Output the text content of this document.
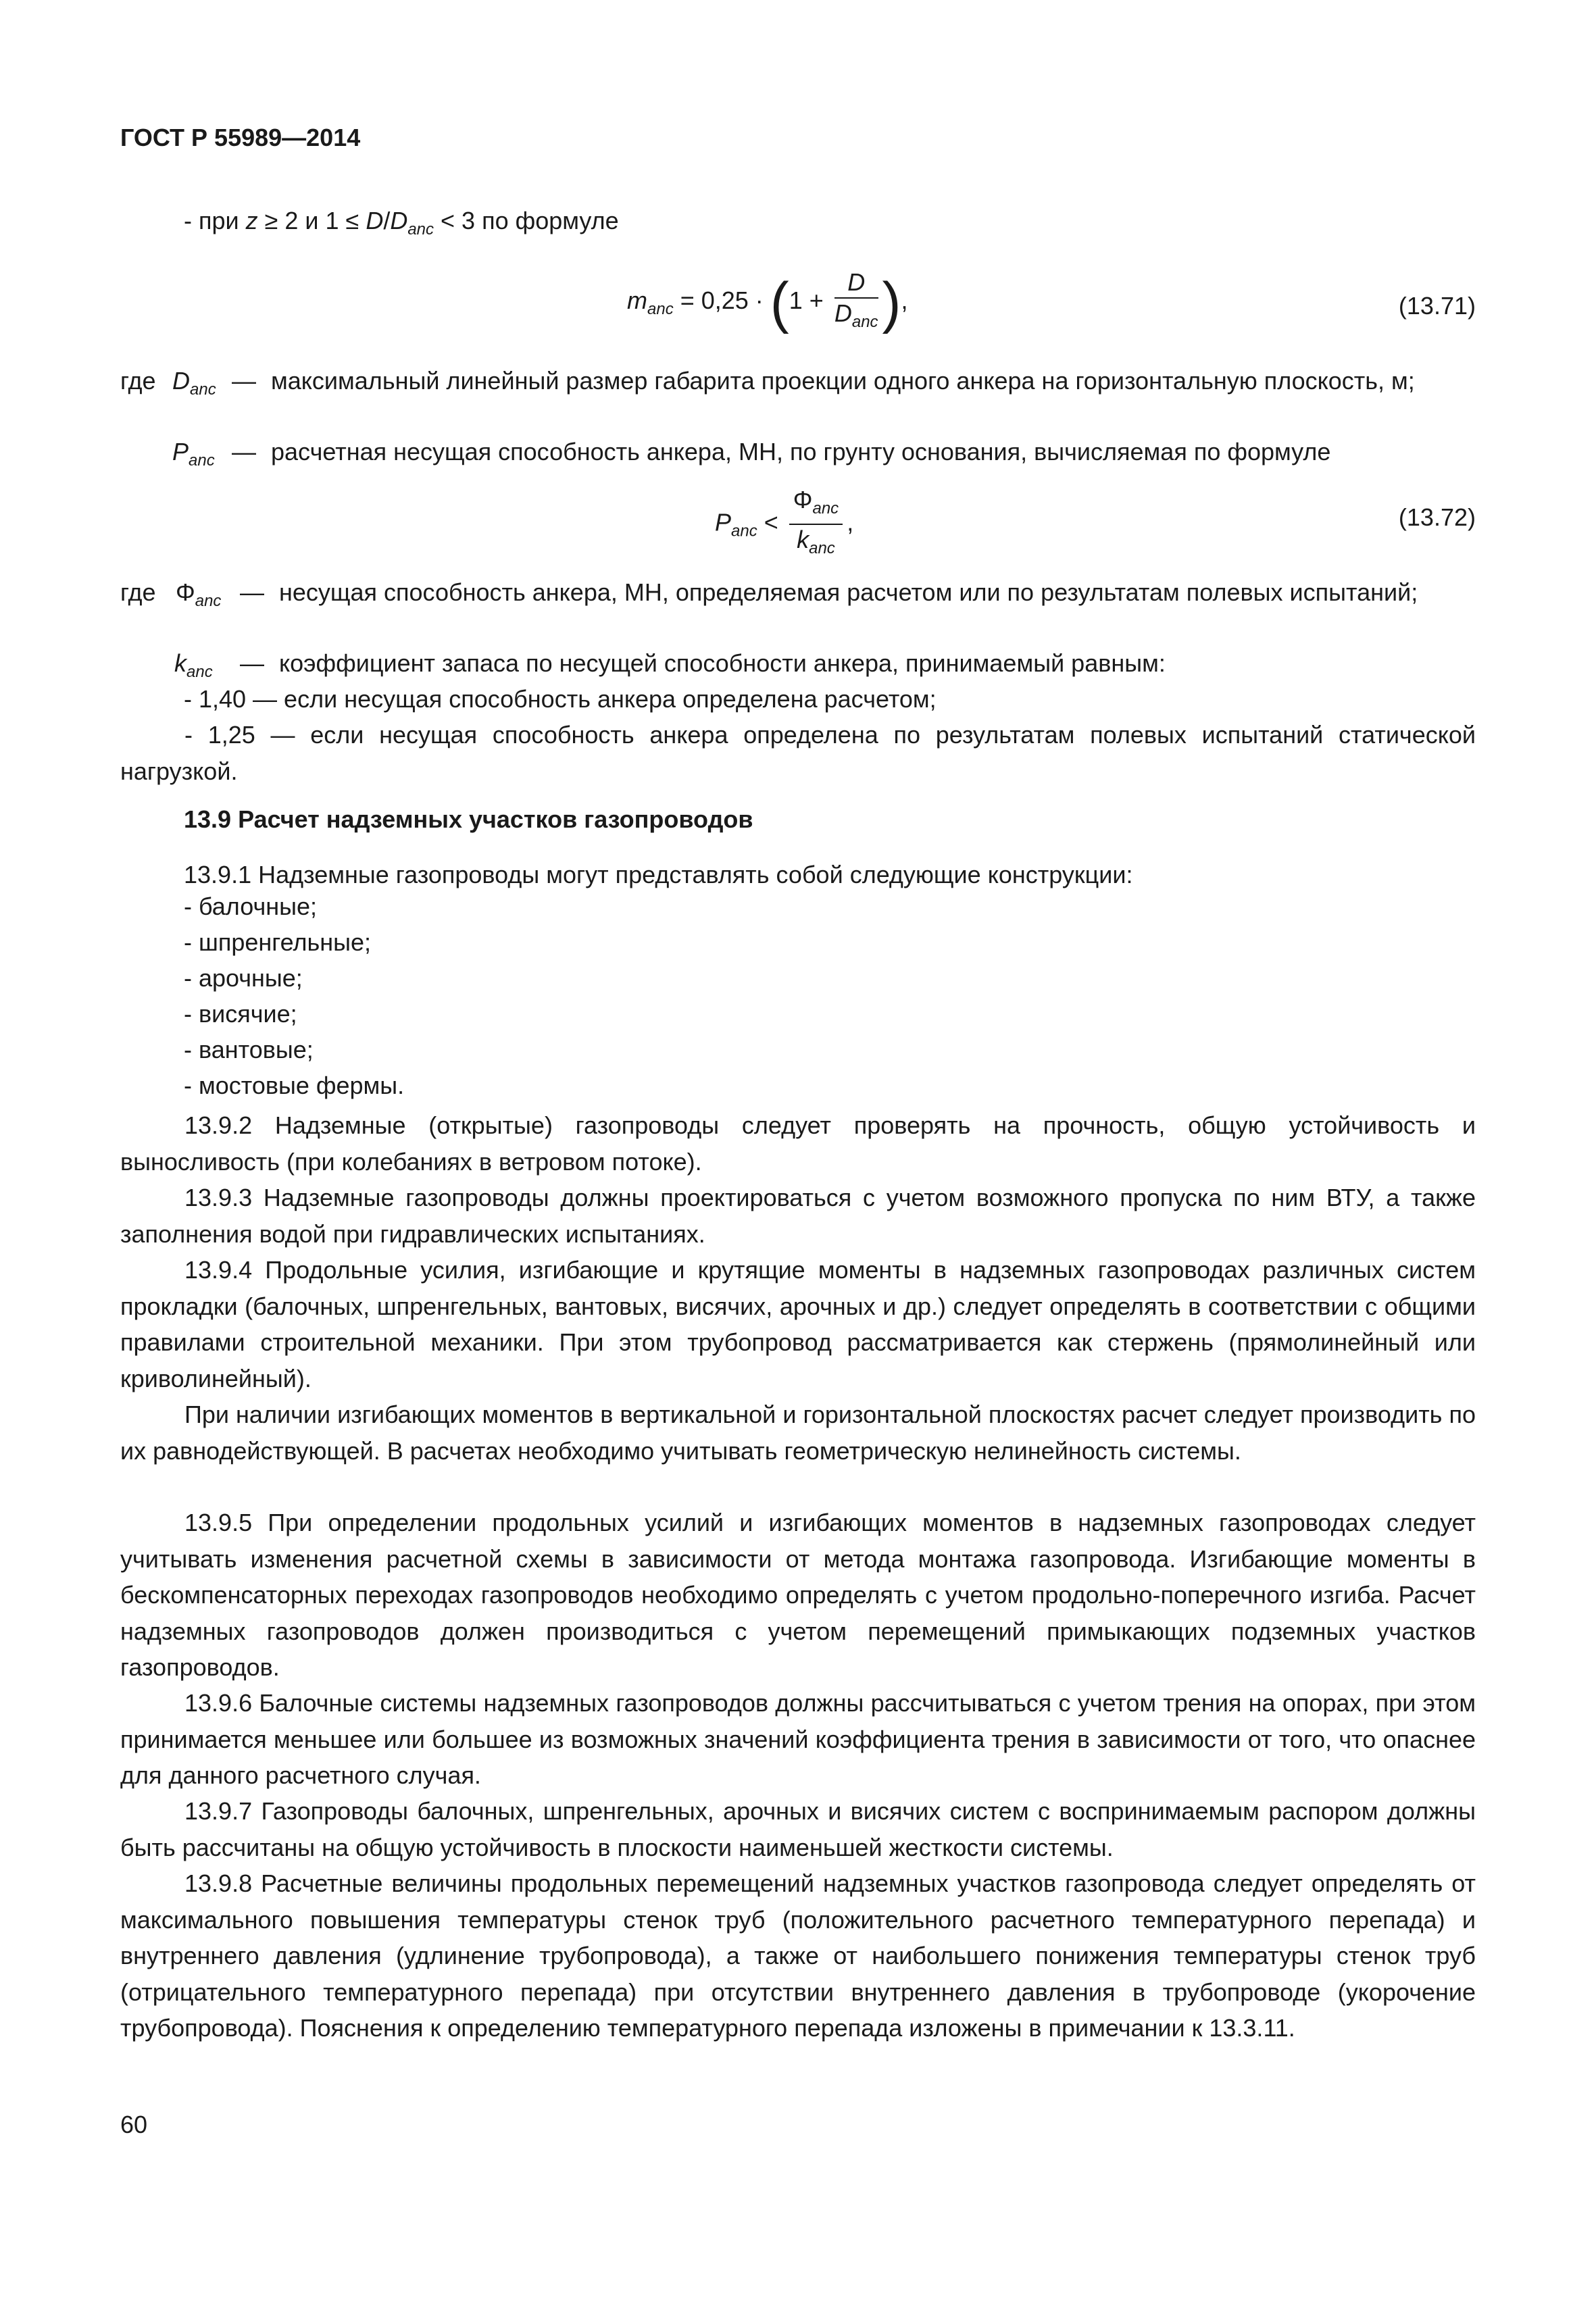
ГОСТ Р 55989—2014
- при z ≥ 2 и $1 \le D/D_{anc} < 3$ по формуле
$m_{anc} = 0,25 \cdot (1 + \frac{D}{D_{anc}}$ ),	(13.71)
где $D_{anc}$ — максимальный линейный размер габарита проекции одного анкера на горизонтальную плоскость, м;
$P_{anc}$ — расчетная несущая способность анкера, МН, по грунту основания, вычисляемая по формуле
$P_{anc} < \frac{\Phi_{anc}}{k_{anc}}$ ,	(13.72)
где $\Phi_{anc}$ — несущая способность анкера, МН, определяемая расчетом или по результатам полевых испытаний;
$k_{anc}$ — коэффициент запаса по несущей способности анкера, принимаемый равным:
- 1,40 — если несущая способность анкера определена расчетом;
- 1,25 — если несущая способность анкера определена по результатам полевых испытаний статической нагрузкой.
13.9 Расчет надземных участков газопроводов
13.9.1 Надземные газопроводы могут представлять собой следующие конструкции:
- балочные;
- шпренгельные;
- арочные;
- висячие;
- вантовые;
- мостовые фермы.
13.9.2 Надземные (открытые) газопроводы следует проверять на прочность, общую устойчивость и выносливость (при колебаниях в ветровом потоке).
13.9.3 Надземные газопроводы должны проектироваться с учетом возможного пропуска по ним ВТУ, а также заполнения водой при гидравлических испытаниях.
13.9.4 Продольные усилия, изгибающие и крутящие моменты в надземных газопроводах различных систем прокладки (балочных, шпренгельных, вантовых, висячих, арочных и др.) следует определять в соответствии с общими правилами строительной механики. При этом трубопровод рассматривается как стержень (прямолинейный или криволинейный).
При наличии изгибающих моментов в вертикальной и горизонтальной плоскостях расчет следует производить по их равнодействующей. В расчетах необходимо учитывать геометрическую нелинейность системы.
13.9.5 При определении продольных усилий и изгибающих моментов в надземных газопроводах следует учитывать изменения расчетной схемы в зависимости от метода монтажа газопровода. Изгибающие моменты в бескомпенсаторных переходах газопроводов необходимо определять с учетом продольно-поперечного изгиба. Расчет надземных газопроводов должен производиться с учетом перемещений примыкающих подземных участков газопроводов.
13.9.6 Балочные системы надземных газопроводов должны рассчитываться с учетом трения на опорах, при этом принимается меньшее или большее из возможных значений коэффициента трения в зависимости от того, что опаснее для данного расчетного случая.
13.9.7 Газопроводы балочных, шпренгельных, арочных и висячих систем с воспринимаемым распором должны быть рассчитаны на общую устойчивость в плоскости наименьшей жесткости системы.
13.9.8 Расчетные величины продольных перемещений надземных участков газопровода следует определять от максимального повышения температуры стенок труб (положительного расчетного температурного перепада) и внутреннего давления (удлинение трубопровода), а также от наибольшего понижения температуры стенок труб (отрицательного температурного перепада) при отсутствии внутреннего давления в трубопроводе (укорочение трубопровода). Пояснения к определению температурного перепада изложены в примечании к 13.3.11.
60
